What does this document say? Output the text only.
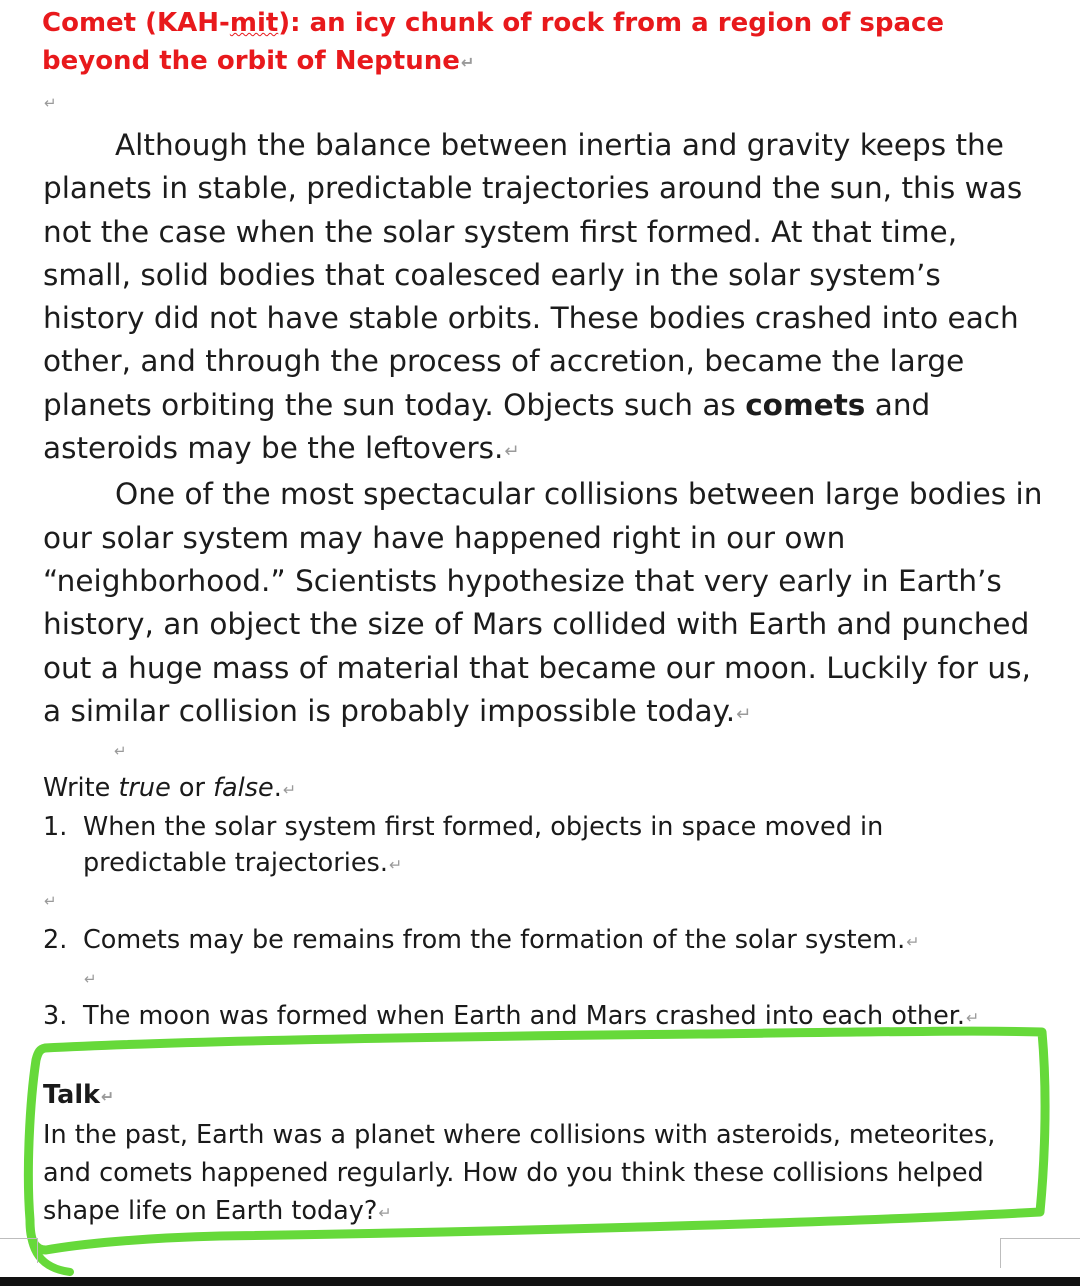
Comet (KAH-mit): an icy chunk of rock from a region of space beyond the orbit of Neptune↵
↵

Although the balance between inertia and gravity keeps the planets in stable, predictable trajectories around the sun, this was not the case when the solar system first formed. At that time, small, solid bodies that coalesced early in the solar system’s history did not have stable orbits. These bodies crashed into each other, and through the process of accretion, became the large planets orbiting the sun today. Objects such as comets and asteroids may be the leftovers.↵

One of the most spectacular collisions between large bodies in our solar system may have happened right in our own “neighborhood.” Scientists hypothesize that very early in Earth’s history, an object the size of Mars collided with Earth and punched out a huge mass of material that became our moon. Luckily for us, a similar collision is probably impossible today.↵

↵
Write true or false.↵
1. When the solar system first formed, objects in space moved in predictable trajectories.↵
↵
2. Comets may be remains from the formation of the solar system.↵
↵
3. The moon was formed when Earth and Mars crashed into each other.↵
Talk↵
In the past, Earth was a planet where collisions with asteroids, meteorites, and comets happened regularly. How do you think these collisions helped shape life on Earth today?↵
